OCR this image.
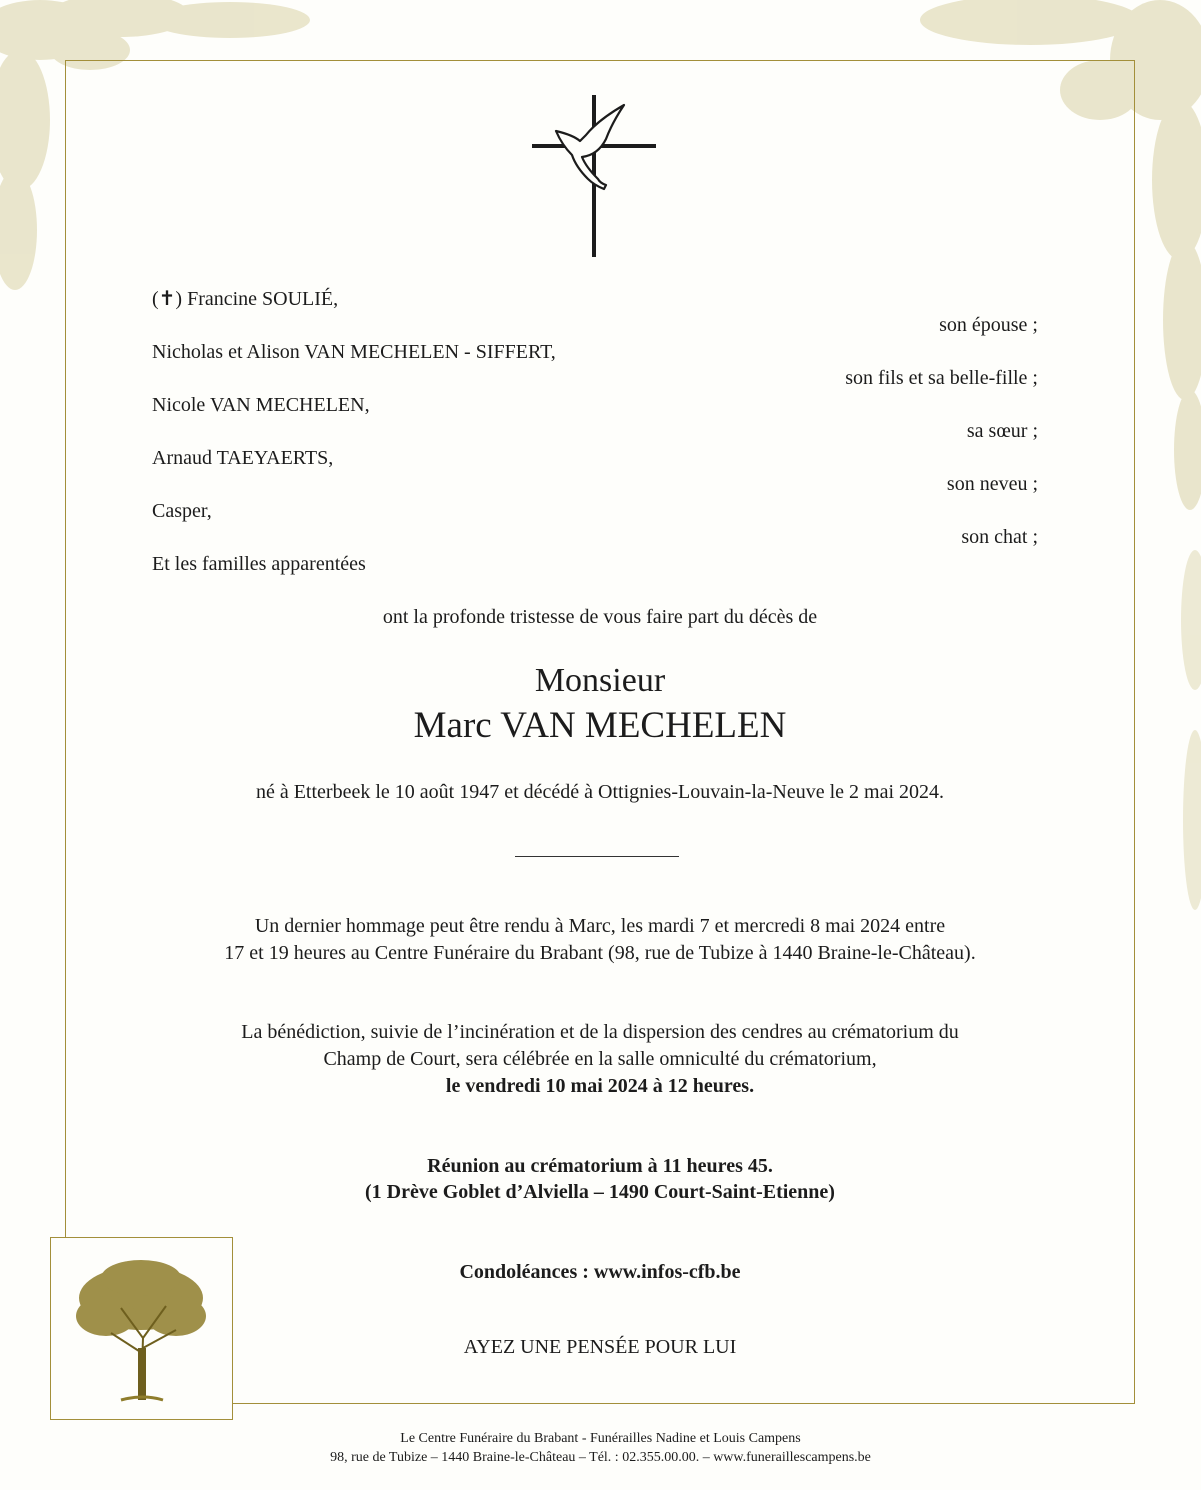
(✝) Francine SOULIÉ,
son épouse ;
Nicholas et Alison VAN MECHELEN - SIFFERT,
son fils et sa belle-fille ;
Nicole VAN MECHELEN,
sa sœur ;
Arnaud TAEYAERTS,
son neveu ;
Casper,
son chat ;
Et les familles apparentées
ont la profonde tristesse de vous faire part du décès de
Monsieur
Marc VAN MECHELEN
né à Etterbeek le 10 août 1947 et décédé à Ottignies-Louvain-la-Neuve le 2 mai 2024.
Un dernier hommage peut être rendu à Marc, les mardi 7 et mercredi 8 mai 2024 entre
17 et 19 heures au Centre Funéraire du Brabant (98, rue de Tubize à 1440 Braine-le-Château).
La bénédiction, suivie de l’incinération et de la dispersion des cendres au crématorium du
Champ de Court, sera célébrée en la salle omniculté du crématorium,
le vendredi 10 mai 2024 à 12 heures.
Réunion au crématorium à 11 heures 45.
(1 Drève Goblet d’Alviella – 1490 Court-Saint-Etienne)
Condoléances : www.infos-cfb.be
AYEZ UNE PENSÉE POUR LUI
Le Centre Funéraire du Brabant - Funérailles Nadine et Louis Campens
98, rue de Tubize – 1440 Braine-le-Château – Tél. : 02.355.00.00. – www.funeraillescampens.be
